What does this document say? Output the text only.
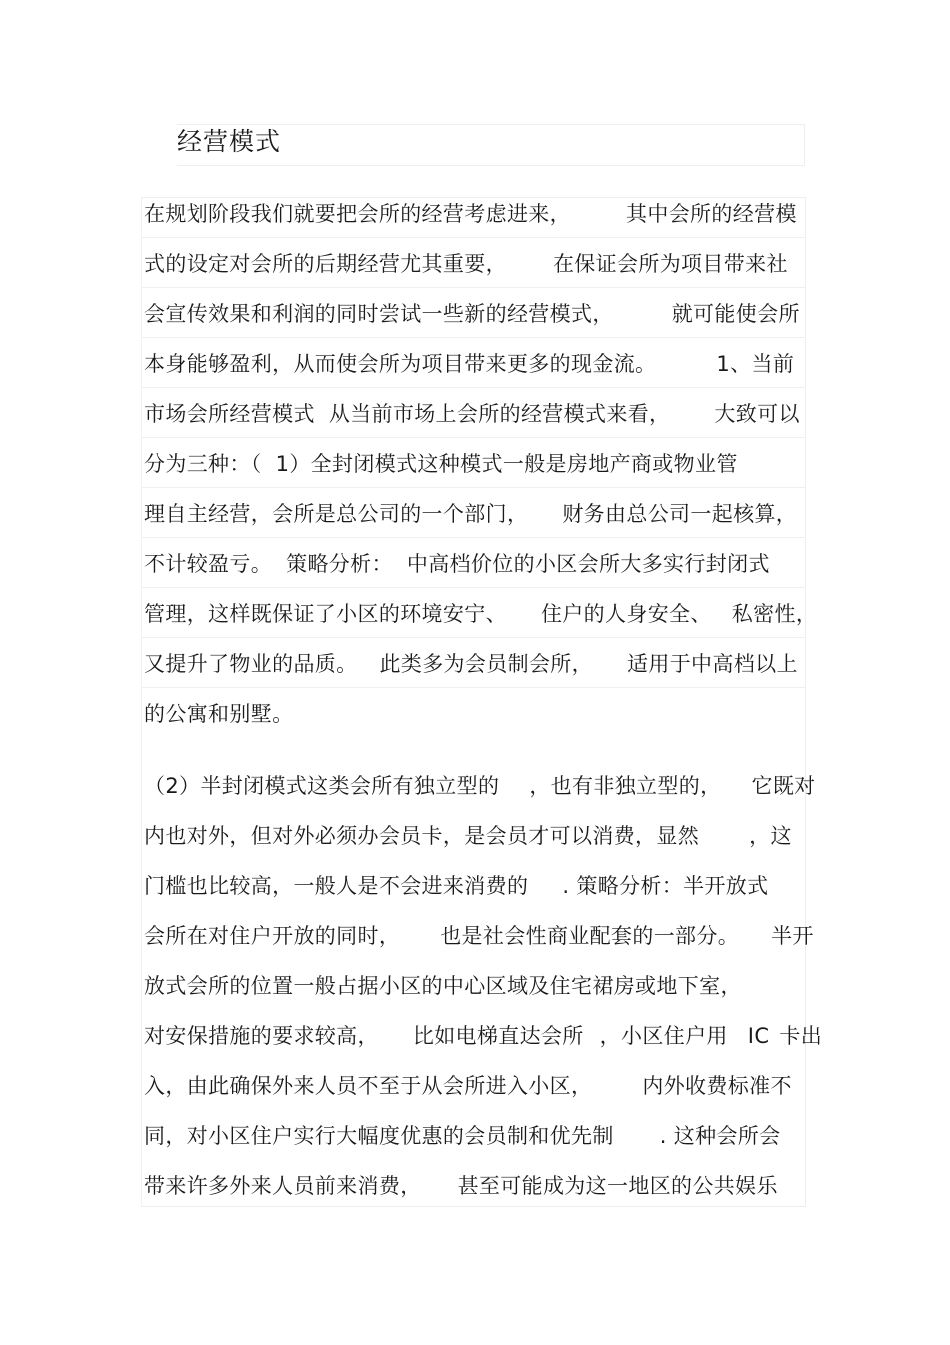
经营模式
在规划阶段我们就要把会所的经营考虑进来，	其中会所的经营模
式的设定对会所的后期经营尤其重要， 在保证会所为项目带来社
会宣传效果和利润的同时尝试一些新的经营模式，	就可能使会所
本身能够盈利，从而使会所为项目带来更多的现金流。	1、当前
市场会所经营模式 从当前市场上会所的经营模式来看， 大致可以
分为三种：（ 1）全封闭模式这种模式一般是房地产商或物业管
理自主经营，会所是总公司的一个部门， 财务由总公司一起核算，
不计较盈亏。 策略分析： 中高档价位的小区会所大多实行封闭式
管理，这样既保证了小区的环境安宁、 住户的人身安全、 私密性，
又提升了物业的品质。 此类多为会员制会所， 适用于中高档以上
的公寓和别墅。
（2）半封闭模式这类会所有独立型的 ，也有非独立型的， 它既对
内也对外，但对外必须办会员卡，是会员才可以消费，显然 ，这
门槛也比较高，一般人是不会进来消费的 . 策略分析：半开放式
会所在对住户开放的同时， 也是社会性商业配套的一部分。 半开
放式会所的位置一般占据小区的中心区域及住宅裙房或地下室，
对安保措施的要求较高， 比如电梯直达会所 ，小区住户用 IC 卡出
入，由此确保外来人员不至于从会所进入小区， 内外收费标准不
同，对小区住户实行大幅度优惠的会员制和优先制 . 这种会所会
带来许多外来人员前来消费， 甚至可能成为这一地区的公共娱乐
